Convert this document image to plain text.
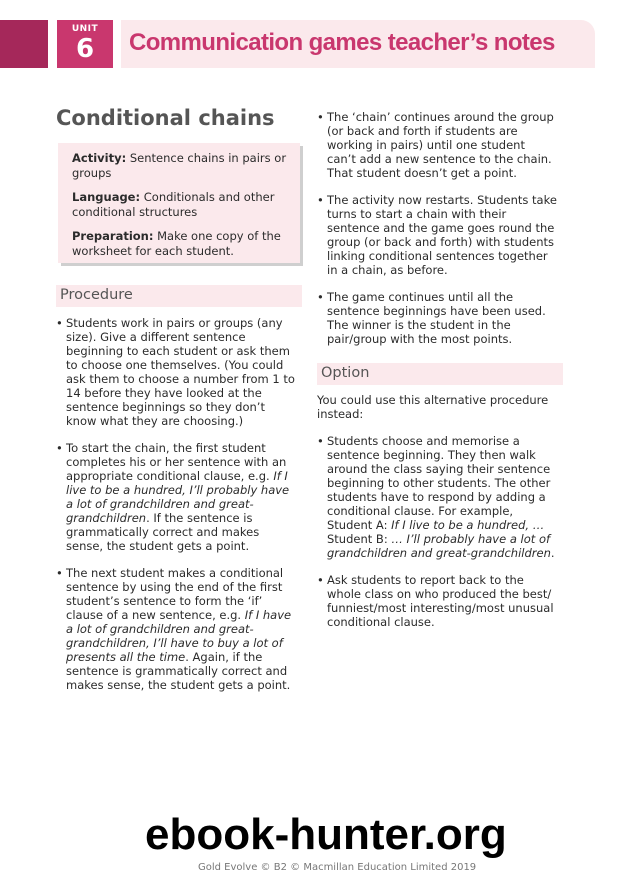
UNIT
6	Communication games teacher’s notes
Conditional chains

Activity: Sentence chains in pairs or groups

Language: Conditionals and other conditional structures

Preparation: Make one copy of the worksheet for each student.

Procedure
• Students work in pairs or groups (any size). Give a different sentence beginning to each student or ask them to choose one themselves. (You could ask them to choose a number from 1 to 14 before they have looked at the sentence beginnings so they don’t know what they are choosing.)
• To start the chain, the first student completes his or her sentence with an appropriate conditional clause, e.g. If I live to be a hundred, I’ll probably have a lot of grandchildren and great-grandchildren. If the sentence is grammatically correct and makes sense, the student gets a point.
• The next student makes a conditional sentence by using the end of the first student’s sentence to form the ‘if’ clause of a new sentence, e.g. If I have a lot of grandchildren and great-grandchildren, I’ll have to buy a lot of presents all the time. Again, if the sentence is grammatically correct and makes sense, the student gets a point.
• The ‘chain’ continues around the group (or back and forth if students are working in pairs) until one student can’t add a new sentence to the chain. That student doesn’t get a point.
• The activity now restarts. Students take turns to start a chain with their sentence and the game goes round the group (or back and forth) with students linking conditional sentences together in a chain, as before.
• The game continues until all the sentence beginnings have been used. The winner is the student in the pair/group with the most points.
Option

You could use this alternative procedure instead:

• Students choose and memorise a sentence beginning. They then walk around the class saying their sentence beginning to other students. The other students have to respond by adding a conditional clause. For example,
Student A: If I live to be a hundred, …
Student B: … I’ll probably have a lot of grandchildren and great-grandchildren.
• Ask students to report back to the whole class on who produced the best/ funniest/most interesting/most unusual conditional clause.
Gold Evolve © B2 © Macmillan Education Limited 2019
ebook-hunter.org
